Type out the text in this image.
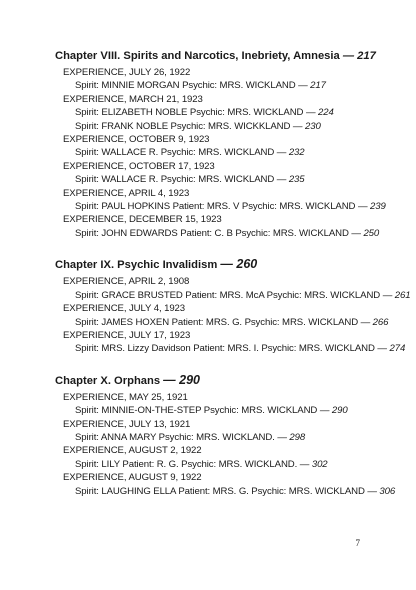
Chapter VIII. Spirits and Narcotics, Inebriety, Amnesia — 217
EXPERIENCE, JULY 26, 1922
Spirit: MINNIE MORGAN Psychic: MRS. WICKLAND — 217
EXPERIENCE, MARCH 21, 1923
Spirit: ELIZABETH NOBLE Psychic: MRS. WICKLAND — 224
Spirit: FRANK NOBLE Psychic: MRS. WICKKLAND — 230
EXPERIENCE, OCTOBER 9, 1923
Spirit: WALLACE R. Psychic: MRS. WICKLAND — 232
EXPERIENCE, OCTOBER 17, 1923
Spirit: WALLACE R. Psychic: MRS. WICKLAND — 235
EXPERIENCE, APRIL 4, 1923
Spirit: PAUL HOPKINS Patient: MRS. V Psychic: MRS. WICKLAND — 239
EXPERIENCE, DECEMBER 15, 1923
Spirit: JOHN EDWARDS Patient: C. B Psychic: MRS. WICKLAND — 250
Chapter IX. Psychic Invalidism — 260
EXPERIENCE, APRIL 2, 1908
Spirit: GRACE BRUSTED Patient: MRS. McA Psychic: MRS. WICKLAND — 261
EXPERIENCE, JULY 4, 1923
Spirit: JAMES HOXEN Patient: MRS. G. Psychic: MRS. WICKLAND — 266
EXPERIENCE, JULY 17, 1923
Spirit: MRS. Lizzy Davidson Patient: MRS. I. Psychic: MRS. WICKLAND — 274
Chapter X. Orphans — 290
EXPERIENCE, MAY 25, 1921
Spirit: MINNIE-ON-THE-STEP Psychic: MRS. WICKLAND — 290
EXPERIENCE, JULY 13, 1921
Spirit: ANNA MARY Psychic: MRS. WICKLAND. — 298
EXPERIENCE, AUGUST 2, 1922
Spirit: LILY Patient: R. G. Psychic: MRS. WICKLAND. — 302
EXPERIENCE, AUGUST 9, 1922
Spirit: LAUGHING ELLA Patient: MRS. G. Psychic: MRS. WICKLAND — 306
7
